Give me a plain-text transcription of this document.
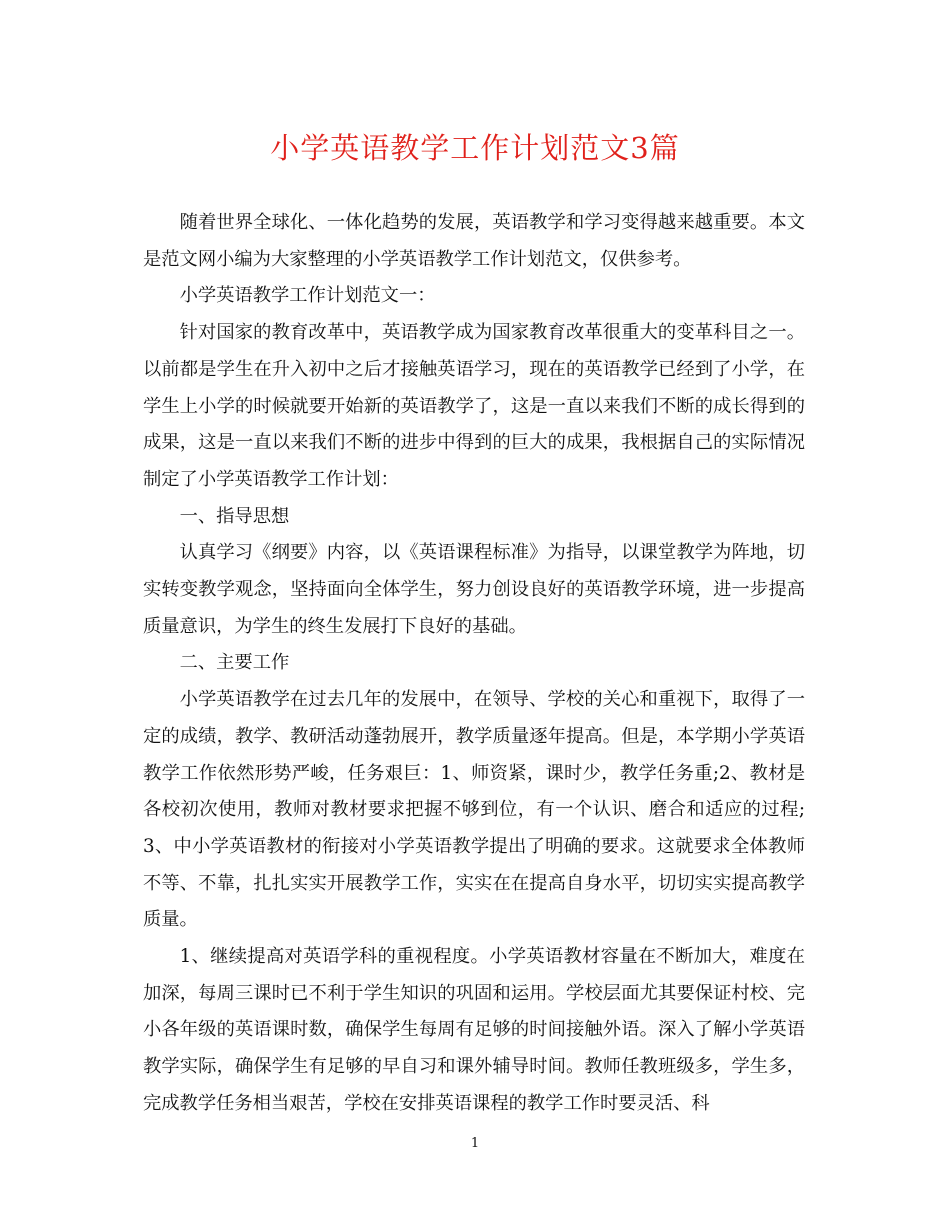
小学英语教学工作计划范文3篇

随着世界全球化、一体化趋势的发展，英语教学和学习变得越来越重要。本文是范文网小编为大家整理的小学英语教学工作计划范文，仅供参考。

小学英语教学工作计划范文一：

针对国家的教育改革中，英语教学成为国家教育改革很重大的变革科目之一。以前都是学生在升入初中之后才接触英语学习，现在的英语教学已经到了小学，在学生上小学的时候就要开始新的英语教学了，这是一直以来我们不断的成长得到的成果，这是一直以来我们不断的进步中得到的巨大的成果，我根据自己的实际情况制定了小学英语教学工作计划：

一、指导思想

认真学习《纲要》内容，以《英语课程标准》为指导，以课堂教学为阵地，切实转变教学观念，坚持面向全体学生，努力创设良好的英语教学环境，进一步提高质量意识，为学生的终生发展打下良好的基础。

二、主要工作

小学英语教学在过去几年的发展中，在领导、学校的关心和重视下，取得了一定的成绩，教学、教研活动蓬勃展开，教学质量逐年提高。但是，本学期小学英语教学工作依然形势严峻，任务艰巨：1、师资紧，课时少，教学任务重;2、教材是各校初次使用，教师对教材要求把握不够到位，有一个认识、磨合和适应的过程;3、中小学英语教材的衔接对小学英语教学提出了明确的要求。这就要求全体教师不等、不靠，扎扎实实开展教学工作，实实在在提高自身水平，切切实实提高教学质量。

1、继续提高对英语学科的重视程度。小学英语教材容量在不断加大，难度在加深，每周三课时已不利于学生知识的巩固和运用。学校层面尤其要保证村校、完小各年级的英语课时数，确保学生每周有足够的时间接触外语。深入了解小学英语教学实际，确保学生有足够的早自习和课外辅导时间。教师任教班级多，学生多，完成教学任务相当艰苦，学校在安排英语课程的教学工作时要灵活、科

1
